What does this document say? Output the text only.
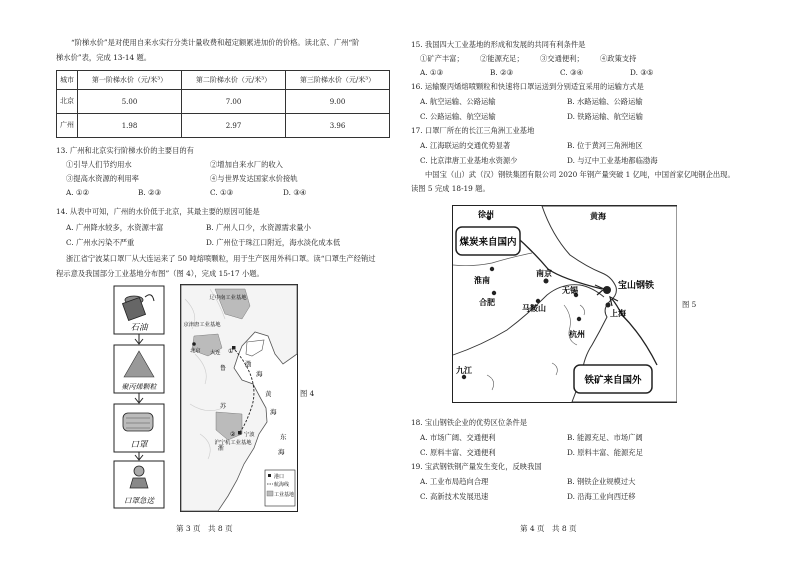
“阶梯水价”是对使用自来水实行分类计量收费和超定额累进加价的价格。读北京、广州“阶
梯水价”表，完成 13-14 题。
城市	第一阶梯水价（元/米³）	第二阶梯水价（元/米³）	第三阶梯水价（元/米³）
北京	5.00	7.00	9.00
广州	1.98	2.97	3.96
13. 广州和北京实行阶梯水价的主要目的有
①引导人们节约用水	②增加自来水厂的收入
③提高水资源的利用率	④与世界发达国家水价接轨
A. ①②	B. ②③	C. ①③	D. ③④
14. 从表中可知，广州的水价低于北京，其最主要的原因可能是
A. 广州降水较多，水资源丰富	B. 广州人口少，水资源需求量小
C. 广州水污染不严重	D. 广州位于珠江口附近，海水淡化成本低
浙江省宁波某口罩厂从大连运来了 50 吨熔喷颗粒，用于生产医用外科口罩。读“口罩生产经销过
程示意及我国部分工业基地分布图”（图 4），完成 15-17 小题。
石油
聚丙烯颗粒
口罩
口罩急送
辽中南工业基地
京津唐工业基地
沪宁杭工业基地
北京 大连 ①
宁波
②
渤
海
黄
海
东
海
鲁
苏
浙
港口
航海线
工业基地
图 4
第 3 页　共 8 页
15. 我国四大工业基地的形成和发展的共同有利条件是
①矿产丰富； ②能源充足； ③交通便利； ④政策支持
A. ①③	B. ②③	C. ③④	D. ③⑤
16. 运输聚丙烯熔喷颗粒和快速将口罩运送到分别适宜采用的运输方式是
A. 航空运输、公路运输	B. 水路运输、公路运输
C. 公路运输、航空运输	D. 铁路运输、航空运输
17. 口罩厂所在的长江三角洲工业基地
A. 江海联运的交通优势显著	B. 位于黄河三角洲地区
C. 比京津唐工业基地水资源少	D. 与辽中工业基地都临渤海
中国宝（山）武（汉）钢铁集团有限公司 2020 年钢产量突破 1 亿吨，中国首家亿吨钢企出现。
读图 5 完成 18-19 题。
煤炭来自国内
铁矿来自国外
徐州
淮南
南京
合肥
无锡
马鞍山
上海
杭州
九江
黄海
宝山钢铁
图 5
18. 宝山钢铁企业的优势区位条件是
A. 市场广阔、交通便利	B. 能源充足、市场广阔
C. 原料丰富、交通便利	D. 原料丰富、能源充足
19. 宝武钢铁钢产量发生变化，反映我国
A. 工业布局趋向合理	B. 钢铁企业规模过大
C. 高新技术发展迅速	D. 沿海工业向西迁移
第 4 页　共 8 页
